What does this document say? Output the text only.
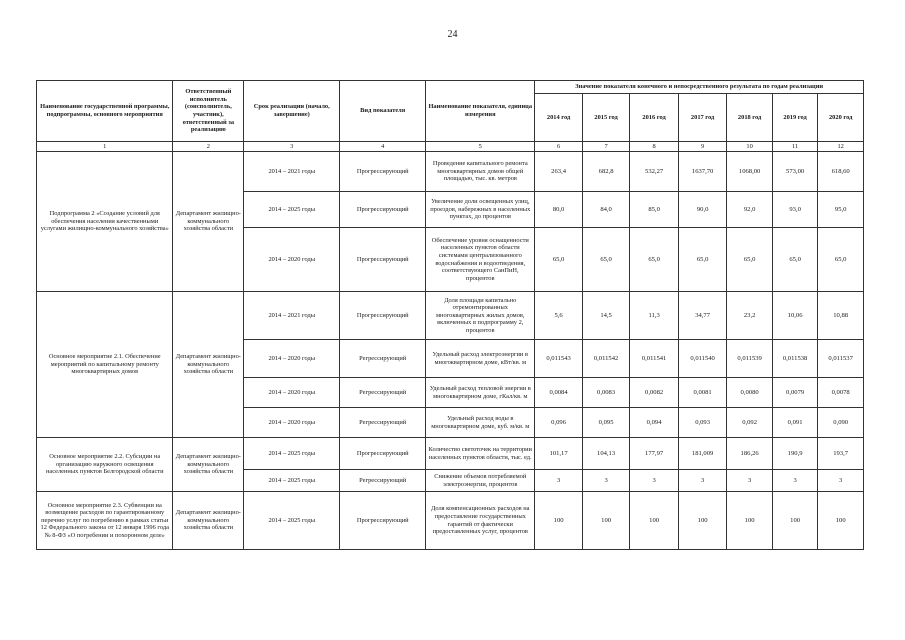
24
Наименование государственной программы, подпрограммы, основного мероприятия	Ответственный исполнитель (соисполнитель, участник), ответственный за реализацию	Срок реализации (начало, завершение)	Вид показателя	Наименование показателя, единица измерения	Значение показателя конечного и непосредственного результата по годам реализации						
					2014 год	2015 год	2016 год	2017 год	2018 год	2019 год	2020 год
1	2	3	4	5	6	7	8	9	10	11	12
Подпрограмма 2 «Создание условий для обеспечения населения качественными услугами жилищно-коммунального хозяйства»	Департамент жилищно-коммунального хозяйства области	2014 – 2021 годы	Прогрессирующий	Проведение капитального ремонта многоквартирных домов общей площадью, тыс. кв. метров	263,4	682,8	532,27	1637,70	1068,00	573,00	618,60
		2014 – 2025 годы	Прогрессирующий	Увеличение доли освещенных улиц, проездов, набережных в населенных пунктах, до процентов	80,0	84,0	85,0	90,0	92,0	93,0	95,0
		2014 – 2020 годы	Прогрессирующий	Обеспечение уровня оснащенности населенных пунктов области системами централизованного водоснабжения и водоотведения, соответствующего СанПиН, процентов	65,0	65,0	65,0	65,0	65,0	65,0	65,0
Основное мероприятие 2.1. Обеспечение мероприятий по капитальному ремонту многоквартирных домов	Департамент жилищно-коммунального хозяйства области	2014 – 2021 годы	Прогрессирующий	Доля площади капитально отремонтированных многоквартирных жилых домов, включенных в подпрограмму 2, процентов	5,6	14,5	11,3	34,77	23,2	10,06	10,88
		2014 – 2020 годы	Регрессирующий	Удельный расход электроэнергии в многоквартирном доме, кВт/кв. м	0,011543	0,011542	0,011541	0,011540	0,011539	0,011538	0,011537
		2014 – 2020 годы	Регрессирующий	Удельный расход тепловой энергии в многоквартирном доме, гКал/кв. м	0,0084	0,0083	0,0082	0,0081	0,0080	0,0079	0,0078
		2014 – 2020 годы	Регрессирующий	Удельный расход воды в многоквартирном доме, куб. м/кв. м	0,096	0,095	0,094	0,093	0,092	0,091	0,090
Основное мероприятие 2.2. Субсидии на организацию наружного освещения населенных пунктов Белгородской области	Департамент жилищно-коммунального хозяйства области	2014 – 2025 годы	Прогрессирующий	Количество светоточек на территории населенных пунктов области, тыс. ед.	101,17	104,13	177,97	181,009	186,26	190,9	193,7
		2014 – 2025 годы	Регрессирующий	Снижение объемов потребляемой электроэнергии, процентов	3	3	3	3	3	3	3
Основное мероприятие 2.3. Субвенции на возмещение расходов по гарантированному перечню услуг по погребению в рамках статьи 12 Федерального закона от 12 января 1996 года № 8-ФЗ «О погребении и похоронном деле»	Департамент жилищно-коммунального хозяйства области	2014 – 2025 годы	Прогрессирующий	Доля компенсационных расходов на предоставление государственных гарантий от фактически предоставленных услуг, процентов	100	100	100	100	100	100	100
